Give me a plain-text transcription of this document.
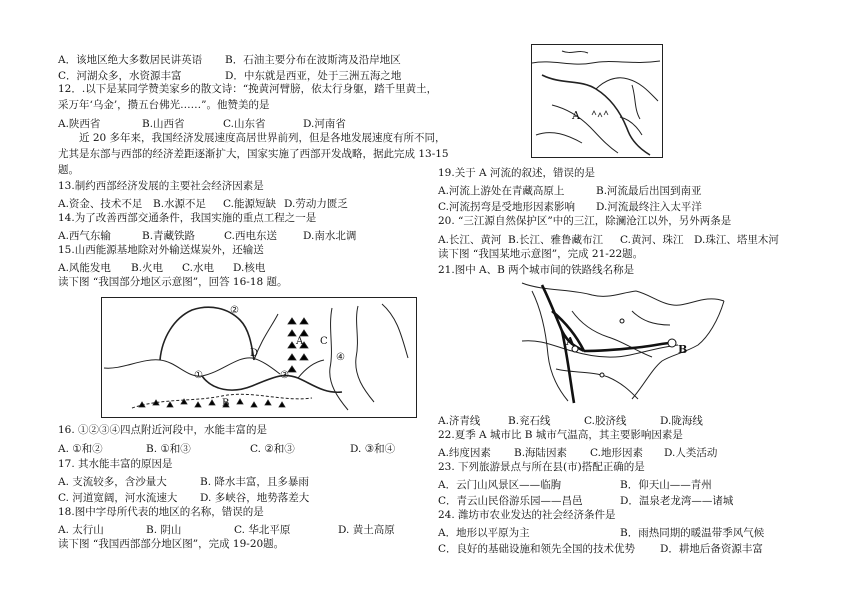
A．该地区绝大多数居民讲英语 B．石油主要分布在波斯湾及沿岸地区
C．河湖众多，水资源丰富	D．中东就是西亚，处于三洲五海之地
12．.以下是某同学赞美家乡的散文诗：“挽黄河臂膀，依太行身躯，踏千里黄土，
采万年‘乌金’，攒五台佛光……”。他赞美的是
A.陕西省	B.山西省	C.山东省	D.河南省
近 20 多年来，我国经济发展速度高居世界前列，但是各地发展速度有所不同，
尤其是东部与西部的经济差距逐渐扩大，国家实施了西部开发战略，据此完成 13-15
题。
13.制约西部经济发展的主要社会经济因素是
A.资金、技术不足 B.水源不足 C.能源短缺 D.劳动力匮乏
14.为了改善西部交通条件，我国实施的重点工程之一是
A.西气东输	B.青藏铁路	C.西电东送 D.南水北调
15.山西能源基地除对外输送煤炭外，还输送
A.风能发电 B.火电 C.水电 D.核电
读下图 “我国部分地区示意图”，回答 16-18 题。
②
①	③
④
D
A
B
C
16. ①②③④四点附近河段中，水能丰富的是
A. ①和②	B. ①和③	C. ②和③	D. ③和④
17. 其水能丰富的原因是
A. 支流较多，含沙量大	B. 降水丰富，且多暴雨
C. 河道宽阔，河水流速大 D. 多峡谷，地势落差大
18.图中字母所代表的地区的名称，错误的是
A. 太行山	B. 阴山	C. 华北平原	D. 黄土高原
读下图 “我国西部部分地区图”，完成 19-20题。
A
19.关于 A 河流的叙述，错误的是
A.河流上游处在青藏高原上	B.河流最后出国到南亚
C.河流拐弯是受地形因素影响 D.河流最终注入太平洋
20. “三江源自然保护区”中的三江，除澜沧江以外，另外两条是
A.长江、黄河 B.长江、雅鲁藏布江 C.黄河、珠江 D.珠江、塔里木河
读下图 “我国某地示意图”，完成 21-22题。
21.图中 A、B 两个城市间的铁路线名称是
A
B
A.济青线	B.兖石线	C.胶济线	D.陇海线
22.夏季 A 城市比 B 城市气温高，其主要影响因素是
A.纬度因素 B.海陆因素 C.地形因素 D.人类活动
23. 下列旅游景点与所在县(市)搭配正确的是
A．云门山风景区——临朐	B．仰天山——青州
C．青云山民俗游乐园——昌邑	D．温泉老龙湾——诸城
24. 潍坊市农业发达的社会经济条件是
A．地形以平原为主	B．雨热同期的暖温带季风气候
C．良好的基础设施和领先全国的技术优势 D．耕地后备资源丰富
